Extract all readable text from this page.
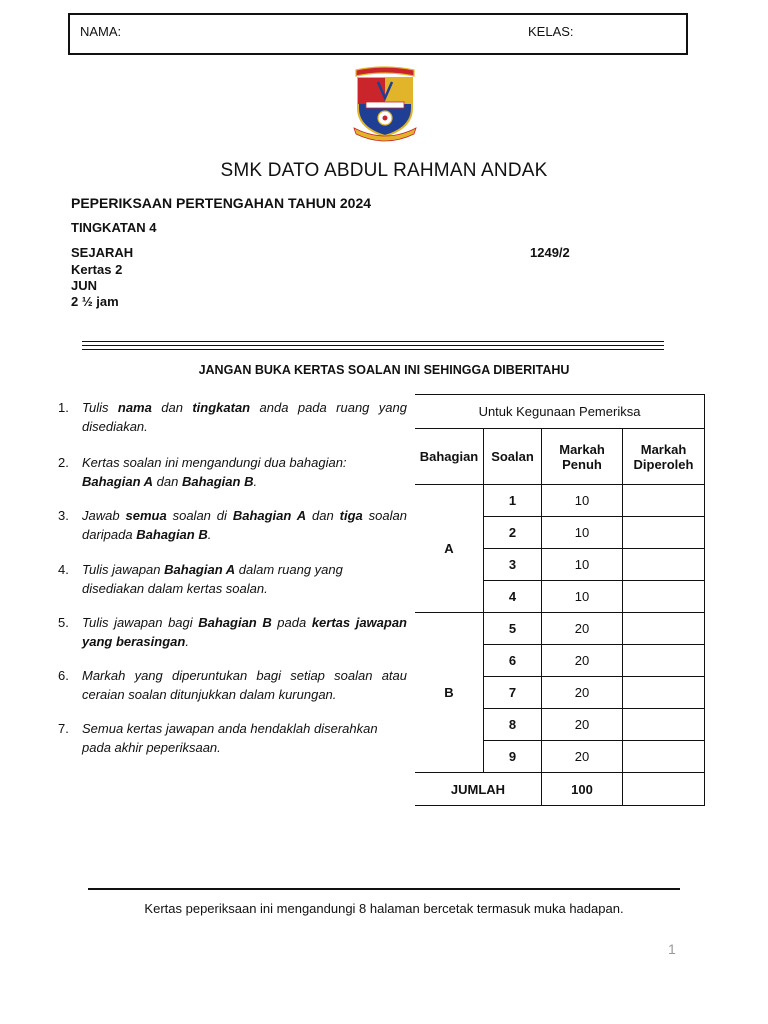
NAMA:	KELAS:
SMK DATO ABDUL RAHMAN ANDAK
PEPERIKSAAN PERTENGAHAN TAHUN 2024
TINGKATAN 4
SEJARAH	1249/2
Kertas 2
JUN
2 ½ jam
JANGAN BUKA KERTAS SOALAN INI SEHINGGA DIBERITAHU
1.	Tulis nama dan tingkatan anda pada ruang yang disediakan.
2.	Kertas soalan ini mengandungi dua bahagian: Bahagian A dan Bahagian B.
3.	Jawab semua soalan di Bahagian A dan tiga soalan daripada Bahagian B.
4.	Tulis jawapan Bahagian A dalam ruang yang disediakan dalam kertas soalan.
5.	Tulis jawapan bagi Bahagian B pada kertas jawapan yang berasingan.
6.	Markah yang diperuntukan bagi setiap soalan atau ceraian soalan ditunjukkan dalam kurungan.
7.	Semua kertas jawapan anda hendaklah diserahkan pada akhir peperiksaan.
Untuk Kegunaan Pemeriksa			
Bahagian	Soalan	Markah Penuh	Markah Diperoleh
A	1	10	
	2	10	
	3	10	
	4	10	
B	5	20	
	6	20	
	7	20	
	8	20	
	9	20	
JUMLAH		100	
Kertas peperiksaan ini mengandungi 8 halaman bercetak termasuk muka hadapan.
1
